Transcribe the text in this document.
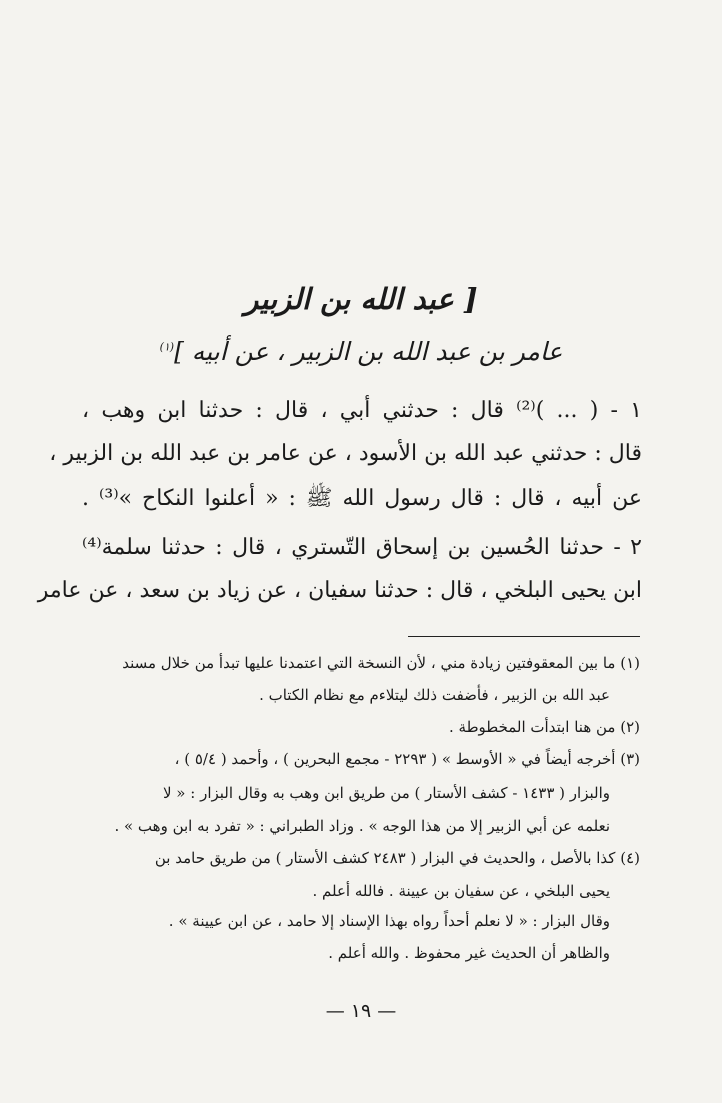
[ عبد الله بن الزبير
عامر بن عبد الله بن الزبير ، عن أبيه ]$^{(١)}$
١ - ( ... )⁽²⁾ قال : حدثني أبي ، قال : حدثنا ابن وهب ،
قال : حدثني عبد الله بن الأسود ، عن عامر بن عبد الله بن الزبير ،
عن أبيه ، قال : قال رسول الله ﷺ : « أعلنوا النكاح »⁽³⁾ .
٢ - حدثنا الحُسين بن إسحاق التّستري ، قال : حدثنا سلمة⁽⁴⁾
ابن يحيى البلخي ، قال : حدثنا سفيان ، عن زياد بن سعد ، عن عامر
(١) ما بين المعقوفتين زيادة مني ، لأن النسخة التي اعتمدنا عليها تبدأ من خلال مسند
عبد الله بن الزبير ، فأضفت ذلك ليتلاءم مع نظام الكتاب .
(٢) من هنا ابتدأت المخطوطة .
(٣) أخرجه أيضاً في « الأوسط » ( ٢٢٩٣ - مجمع البحرين ) ، وأحمد ( ٥/٤ ) ،
والبزار ( ١٤٣٣ - كشف الأستار ) من طريق ابن وهب به وقال البزار : « لا
نعلمه عن أبي الزبير إلا من هذا الوجه » . وزاد الطبراني : « تفرد به ابن وهب » .
(٤) كذا بالأصل ، والحديث في البزار ( ٢٤٨٣ كشف الأستار ) من طريق حامد بن
يحيى البلخي ، عن سفيان بن عيينة . فالله أعلم .
وقال البزار : « لا نعلم أحداً رواه بهذا الإسناد إلا حامد ، عن ابن عيينة » .
والظاهر أن الحديث غير محفوظ . والله أعلم .
— ١٩ —
